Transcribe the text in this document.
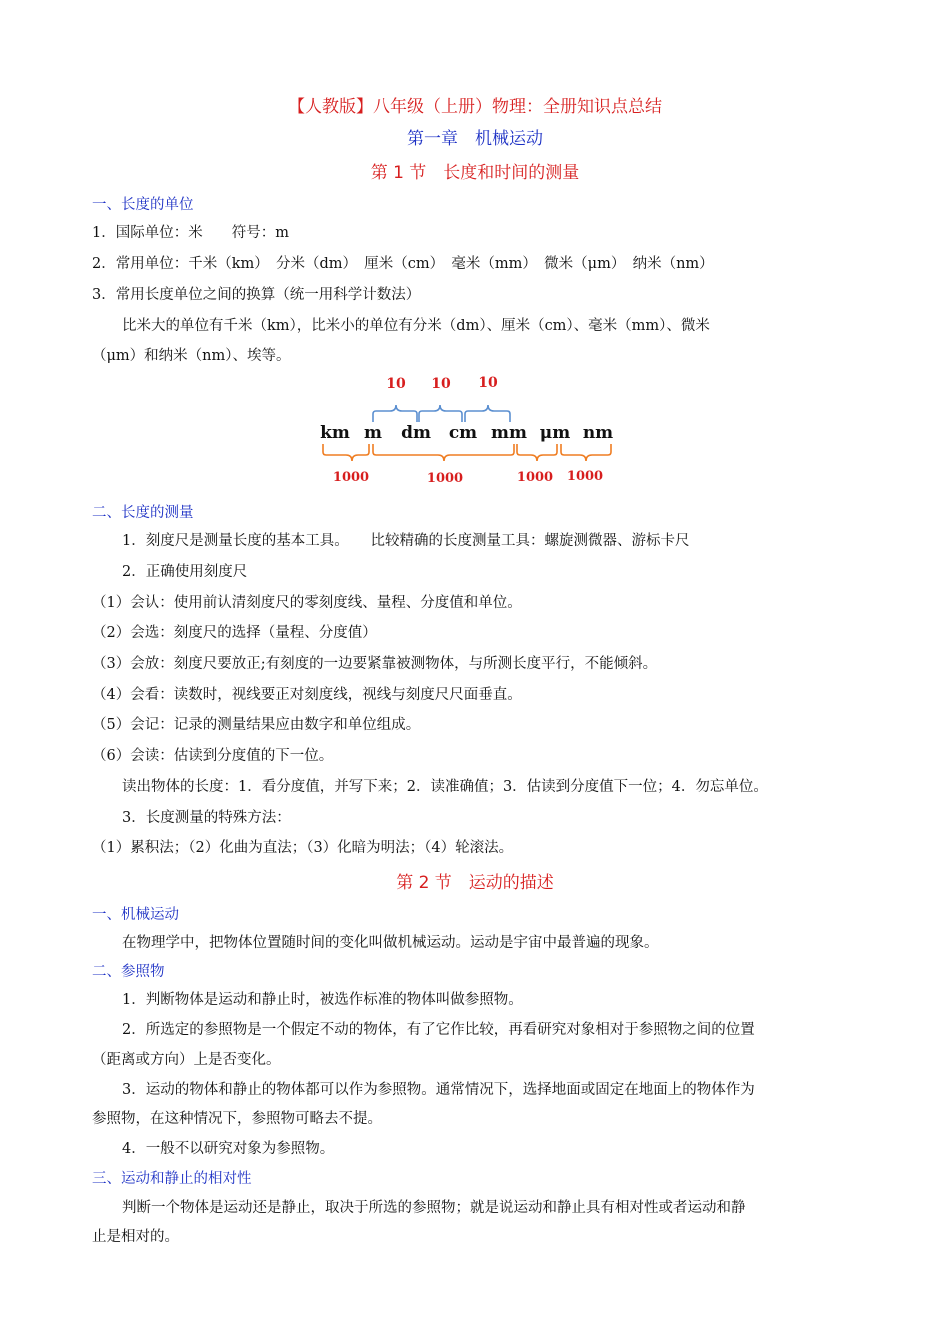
【人教版】八年级（上册）物理：全册知识点总结
第一章　机械运动
第 1 节　长度和时间的测量
一、长度的单位
1．国际单位：米　　符号：m
2．常用单位：千米（km）　分米（dm）　厘米（cm）　毫米（mm）　微米（μm）　纳米（nm）
3．常用长度单位之间的换算（统一用科学计数法）
比米大的单位有千米（km），比米小的单位有分米（dm）、厘米（cm）、毫米（mm）、微米
（μm）和纳米（nm）、埃等。
10 10 10
km m dm cm mm μm nm
1000	1000	1000 1000
二、长度的测量
1．刻度尺是测量长度的基本工具。　　比较精确的长度测量工具：螺旋测微器、游标卡尺
2．正确使用刻度尺
（1）会认：使用前认清刻度尺的零刻度线、量程、分度值和单位。
（2）会选：刻度尺的选择（量程、分度值）
（3）会放：刻度尺要放正;有刻度的一边要紧靠被测物体，与所测长度平行，不能倾斜。
（4）会看：读数时，视线要正对刻度线，视线与刻度尺尺面垂直。
（5）会记：记录的测量结果应由数字和单位组成。
（6）会读：估读到分度值的下一位。
读出物体的长度：1．看分度值，并写下来；2．读准确值；3．估读到分度值下一位；4．勿忘单位。
3．长度测量的特殊方法：
（1）累积法；（2）化曲为直法；（3）化暗为明法；（4）轮滚法。
第 2 节　运动的描述
一、机械运动
在物理学中，把物体位置随时间的变化叫做机械运动。运动是宇宙中最普遍的现象。
二、参照物
1．判断物体是运动和静止时，被选作标准的物体叫做参照物。
2．所选定的参照物是一个假定不动的物体，有了它作比较，再看研究对象相对于参照物之间的位置
（距离或方向）上是否变化。
3．运动的物体和静止的物体都可以作为参照物。通常情况下，选择地面或固定在地面上的物体作为
参照物，在这种情况下，参照物可略去不提。
4．一般不以研究对象为参照物。
三、运动和静止的相对性
判断一个物体是运动还是静止，取决于所选的参照物；就是说运动和静止具有相对性或者运动和静
止是相对的。
